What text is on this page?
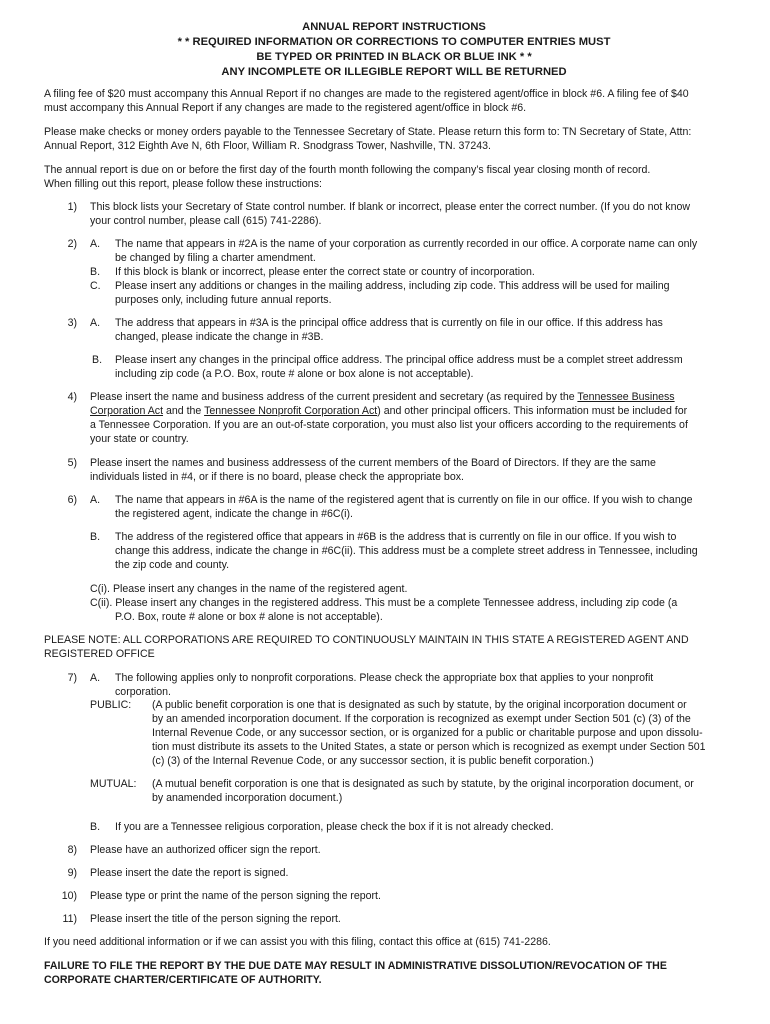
ANNUAL REPORT INSTRUCTIONS
* * REQUIRED INFORMATION OR CORRECTIONS TO COMPUTER ENTRIES MUST
BE TYPED OR PRINTED IN BLACK OR BLUE INK * *
ANY INCOMPLETE OR ILLEGIBLE REPORT WILL BE RETURNED
A filing fee of $20 must accompany this Annual Report if no changes are made to the registered agent/office in block #6. A filing fee of $40
must accompany this Annual Report if any changes are made to the registered agent/office in block #6.
Please make checks or money orders payable to the Tennessee Secretary of State. Please return this form to: TN Secretary of State, Attn:
Annual Report, 312 Eighth Ave N, 6th Floor, William R. Snodgrass Tower, Nashville, TN. 37243.
The annual report is due on or before the first day of the fourth month following the company’s fiscal year closing month of record.
When filling out this report, please follow these instructions:
1) This block lists your Secretary of State control number. If blank or incorrect, please enter the correct number. (If you do not know
your control number, please call (615) 741-2286).
2) A. The name that appears in #2A is the name of your corporation as currently recorded in our office. A corporate name can only
be changed by filing a charter amendment.
B. If this block is blank or incorrect, please enter the correct state or country of incorporation.
C. Please insert any additions or changes in the mailing address, including zip code. This address will be used for mailing
purposes only, including future annual reports.
3) A. The address that appears in #3A is the principal office address that is currently on file in our office. If this address has
changed, please indicate the change in #3B.
B. Please insert any changes in the principal office address. The principal office address must be a complet street addressm
including zip code (a P.O. Box, route # alone or box alone is not acceptable).
4) Please insert the name and business address of the current president and secretary (as required by the Tennessee Business
Corporation Act and the Tennessee Nonprofit Corporation Act) and other principal officers. This information must be included for
a Tennessee Corporation. If you are an out-of-state corporation, you must also list your officers according to the requirements of
your state or country.
5) Please insert the names and business addressess of the current members of the Board of Directors. If they are the same
individuals listed in #4, or if there is no board, please check the appropriate box.
6) A. The name that appears in #6A is the name of the registered agent that is currently on file in our office. If you wish to change
the registered agent, indicate the change in #6C(i).
B. The address of the registered office that appears in #6B is the address that is currently on file in our office. If you wish to
change this address, indicate the change in #6C(ii). This address must be a complete street address in Tennessee, including
the zip code and county.
C(i). Please insert any changes in the name of the registered agent.
C(ii). Please insert any changes in the registered address. This must be a complete Tennessee address, including zip code (a
P.O. Box, route # alone or box # alone is not acceptable).
PLEASE NOTE: ALL CORPORATIONS ARE REQUIRED TO CONTINUOUSLY MAINTAIN IN THIS STATE A REGISTERED AGENT AND
REGISTERED OFFICE
7) A. The following applies only to nonprofit corporations. Please check the appropriate box that applies to your nonprofit
corporation.
PUBLIC: (A public benefit corporation is one that is designated as such by statute, by the original incorporation document or
by an amended incorporation document. If the corporation is recognized as exempt under Section 501 (c) (3) of the
Internal Revenue Code, or any successor section, or is organized for a public or charitable purpose and upon dissolu-
tion must distribute its assets to the United States, a state or person which is recognized as exempt under Section 501
(c) (3) of the Internal Revenue Code, or any successor section, it is public benefit corporation.)
MUTUAL: (A mutual benefit corporation is one that is designated as such by statute, by the original incorporation document, or
by anamended incorporation document.)
B. If you are a Tennessee religious corporation, please check the box if it is not already checked.
8) Please have an authorized officer sign the report.
9) Please insert the date the report is signed.
10) Please type or print the name of the person signing the report.
11) Please insert the title of the person signing the report.
If you need additional information or if we can assist you with this filing, contact this office at (615) 741-2286.
FAILURE TO FILE THE REPORT BY THE DUE DATE MAY RESULT IN ADMINISTRATIVE DISSOLUTION/REVOCATION OF THE
CORPORATE CHARTER/CERTIFICATE OF AUTHORITY.
